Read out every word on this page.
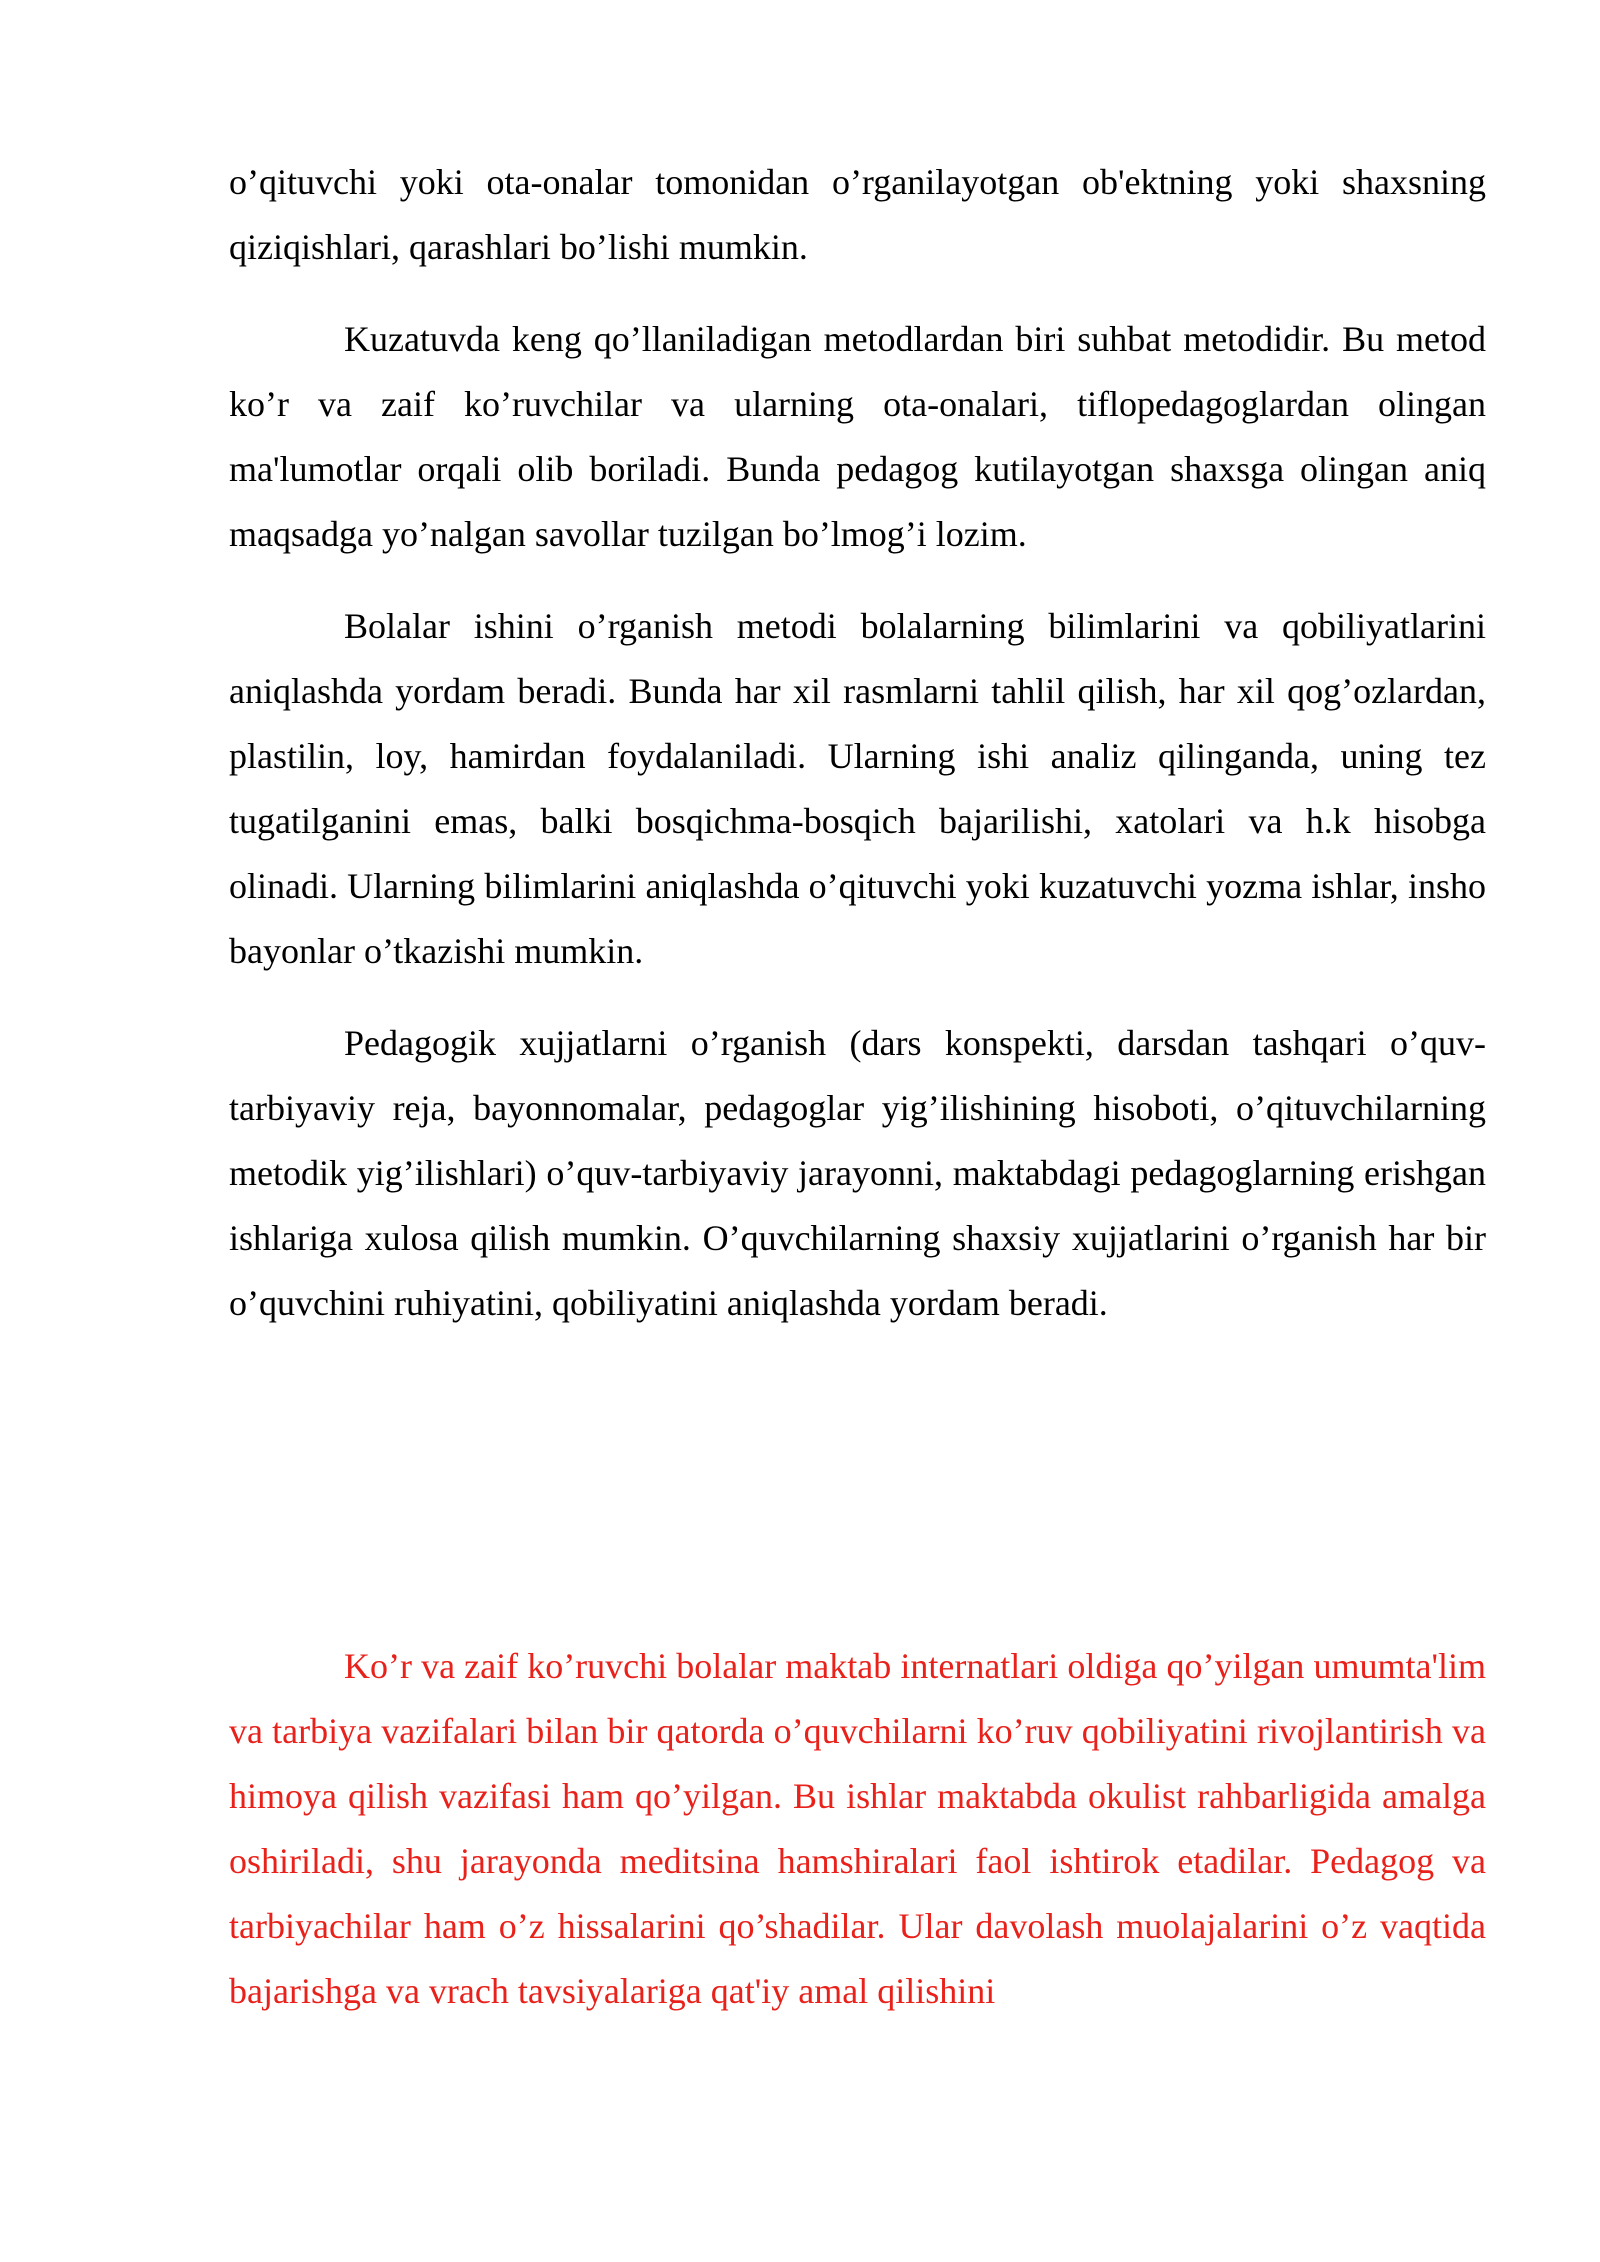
o’qituvchi yoki ota-onalar tomonidan o’rganilayotgan ob'ektning yoki shaxsning qiziqishlari, qarashlari bo’lishi mumkin.

Kuzatuvda keng qo’llaniladigan metodlardan biri suhbat metodidir. Bu metod ko’r va zaif ko’ruvchilar va ularning ota-onalari, tiflopedagoglardan olingan ma'lumotlar orqali olib boriladi. Bunda pedagog kutilayotgan shaxsga olingan aniq maqsadga yo’nalgan savollar tuzilgan bo’lmog’i lozim.

Bolalar ishini o’rganish metodi bolalarning bilimlarini va qobiliyatlarini aniqlashda yordam beradi. Bunda har xil rasmlarni tahlil qilish, har xil qog’ozlardan, plastilin, loy, hamirdan foydalaniladi. Ularning ishi analiz qilinganda, uning tez tugatilganini emas, balki bosqichma-bosqich bajarilishi, xatolari va h.k hisobga olinadi. Ularning bilimlarini aniqlashda o’qituvchi yoki kuzatuvchi yozma ishlar, insho bayonlar o’tkazishi mumkin.

Pedagogik xujjatlarni o’rganish (dars konspekti, darsdan tashqari o’quv-tarbiyaviy reja, bayonnomalar, pedagoglar yig’ilishining hisoboti, o’qituvchilarning metodik yig’ilishlari) o’quv-tarbiyaviy jarayonni, maktabdagi pedagoglarning erishgan ishlariga xulosa qilish mumkin. O’quvchilarning shaxsiy xujjatlarini o’rganish har bir o’quvchini ruhiyatini, qobiliyatini aniqlashda yordam beradi.

Ko’r va zaif ko’ruvchi bolalar maktab internatlari oldiga qo’yilgan umumta'lim va tarbiya vazifalari bilan bir qatorda o’quvchilarni ko’ruv qobiliyatini rivojlantirish va himoya qilish vazifasi ham qo’yilgan. Bu ishlar maktabda okulist rahbarligida amalga oshiriladi, shu jarayonda meditsina hamshiralari faol ishtirok etadilar. Pedagog va tarbiyachilar ham o’z hissalarini qo’shadilar. Ular davolash muolajalarini o’z vaqtida bajarishga va vrach tavsiyalariga qat'iy amal qilishini
